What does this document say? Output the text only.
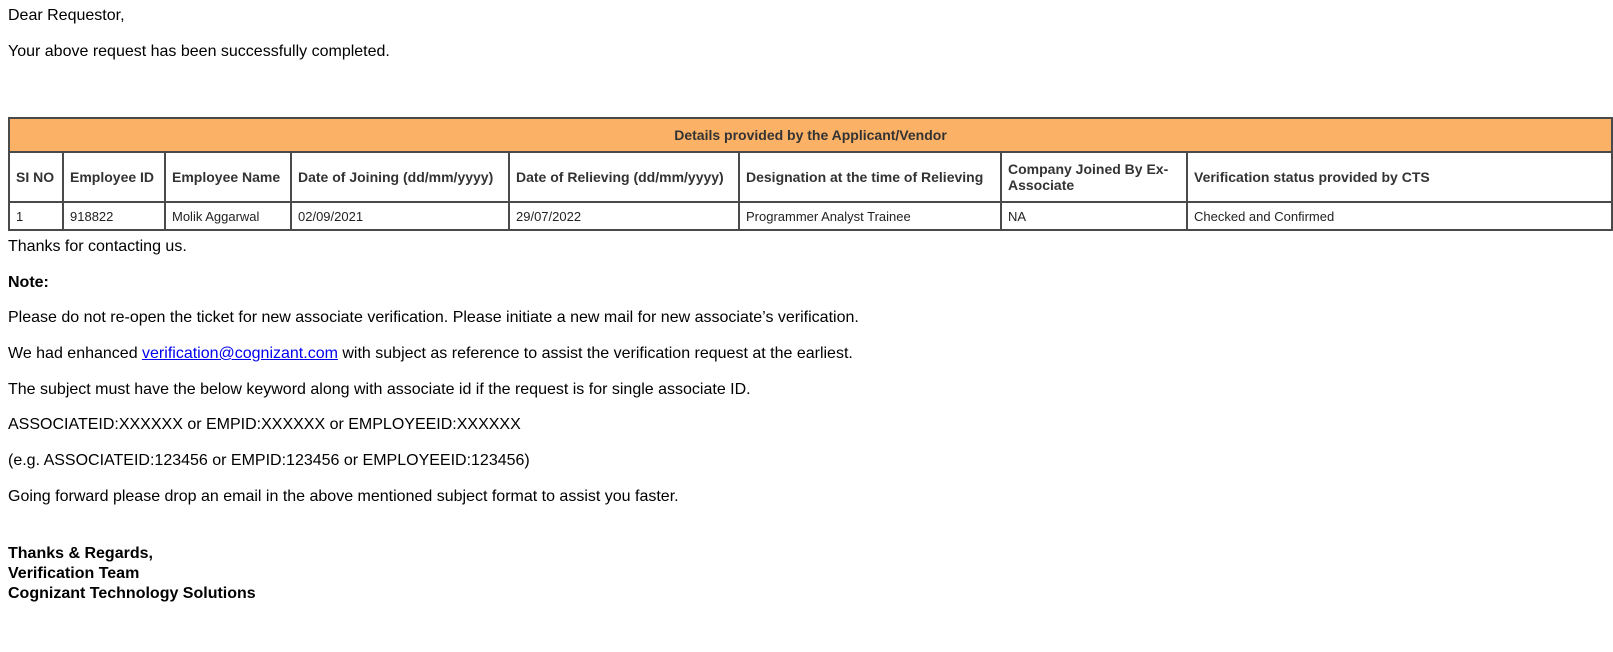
Dear Requestor,

Your above request has been successfully completed.

Details provided by the Applicant/Vendor							
SI NO	Employee ID	Employee Name	Date of Joining (dd/mm/yyyy)	Date of Relieving (dd/mm/yyyy)	Designation at the time of Relieving	Company Joined By Ex-Associate	Verification status provided by CTS
1	918822	Molik Aggarwal	02/09/2021	29/07/2022	Programmer Analyst Trainee	NA	Checked and Confirmed

Thanks for contacting us.

Note:

Please do not re-open the ticket for new associate verification. Please initiate a new mail for new associate’s verification.

We had enhanced verification@cognizant.com with subject as reference to assist the verification request at the earliest.

The subject must have the below keyword along with associate id if the request is for single associate ID.

ASSOCIATEID:XXXXXX or EMPID:XXXXXX or EMPLOYEEID:XXXXXX

(e.g. ASSOCIATEID:123456 or EMPID:123456 or EMPLOYEEID:123456)

Going forward please drop an email in the above mentioned subject format to assist you faster.

Thanks & Regards,
Verification Team
Cognizant Technology Solutions
